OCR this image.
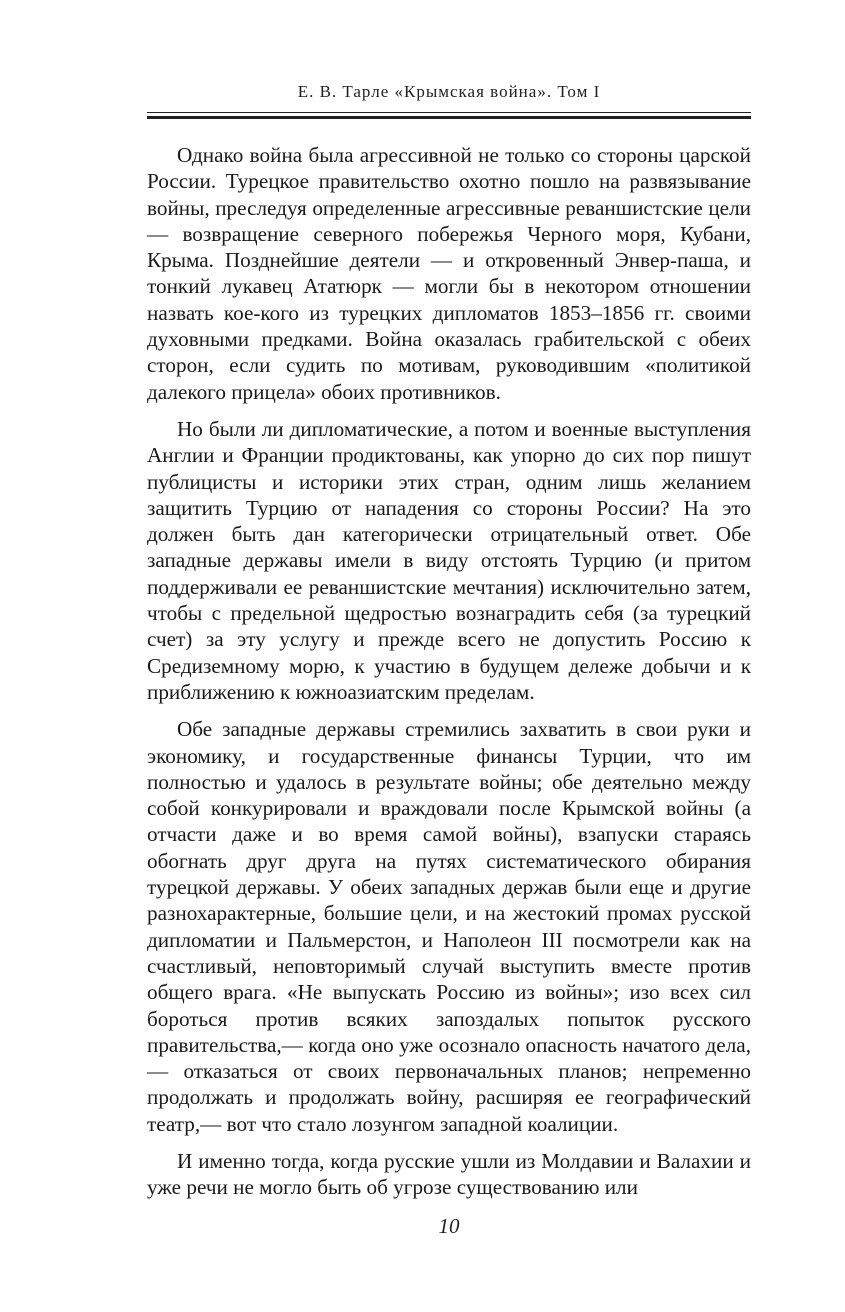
Е. В. Тарле «Крымская война». Том I

Однако война была агрессивной не только со стороны царской России. Турецкое правительство охотно пошло на развязывание войны, преследуя определенные агрессивные реваншистские цели — возвращение северного побережья Черного моря, Кубани, Крыма. Позднейшие деятели — и откровенный Энвер-паша, и тонкий лукавец Ататюрк — могли бы в некотором отношении назвать кое-кого из турецких дипломатов 1853–1856 гг. своими духовными предками. Война оказалась грабительской с обеих сторон, если судить по мотивам, руководившим «политикой далекого прицела» обоих противников.

Но были ли дипломатические, а потом и военные выступления Англии и Франции продиктованы, как упорно до сих пор пишут публицисты и историки этих стран, одним лишь желанием защитить Турцию от нападения со стороны России? На это должен быть дан категорически отрицательный ответ. Обе западные державы имели в виду отстоять Турцию (и притом поддерживали ее реваншистские мечтания) исключительно затем, чтобы с предельной щедростью вознаградить себя (за турецкий счет) за эту услугу и прежде всего не допустить Россию к Средиземному морю, к участию в будущем дележе добычи и к приближению к южноазиатским пределам.

Обе западные державы стремились захватить в свои руки и экономику, и государственные финансы Турции, что им полностью и удалось в результате войны; обе деятельно между собой конкурировали и враждовали после Крымской войны (а отчасти даже и во время самой войны), взапуски стараясь обогнать друг друга на путях систематического обирания турецкой державы. У обеих западных держав были еще и другие разнохарактерные, большие цели, и на жестокий промах русской дипломатии и Пальмерстон, и Наполеон III посмотрели как на счастливый, неповторимый случай выступить вместе против общего врага. «Не выпускать Россию из войны»; изо всех сил бороться против всяких запоздалых попыток русского правительства,— когда оно уже осознало опасность начатого дела,— отказаться от своих первоначальных планов; непременно продолжать и продолжать войну, расширяя ее географический театр,— вот что стало лозунгом западной коалиции.

И именно тогда, когда русские ушли из Молдавии и Валахии и уже речи не могло быть об угрозе существованию или

10
